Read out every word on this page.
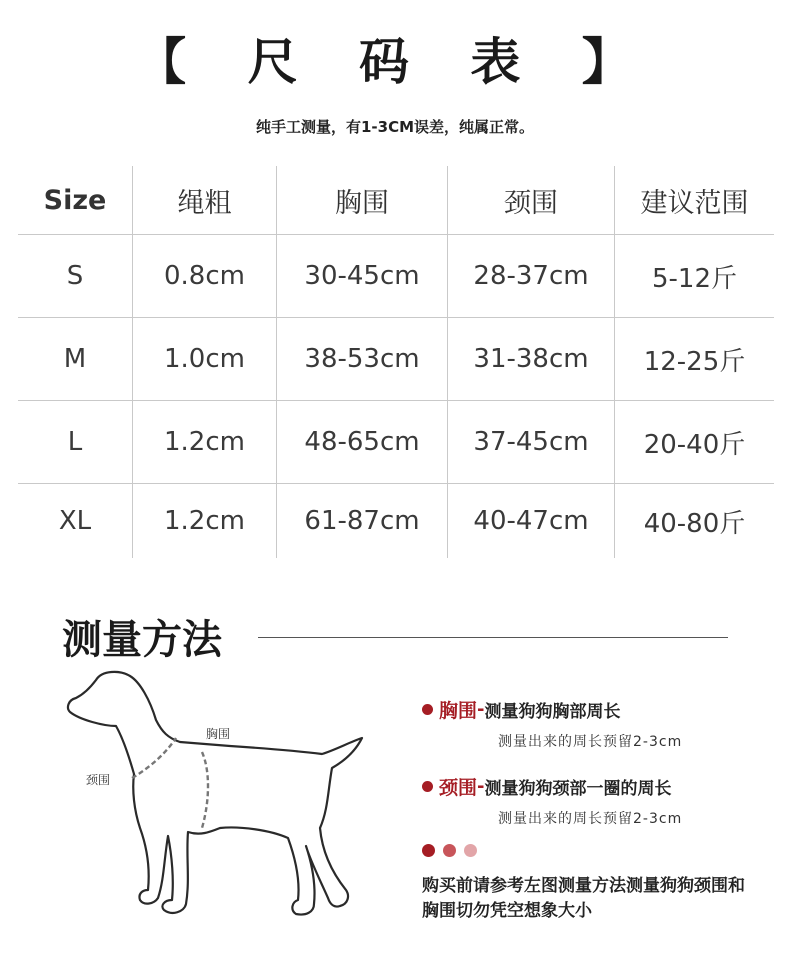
【 尺 码 表 】
纯手工测量，有1-3CM误差，纯属正常。
Size	绳粗	胸围	颈围	建议范围
S	0.8cm	30-45cm	28-37cm	5-12斤
M	1.0cm	38-53cm	31-38cm	12-25斤
L	1.2cm	48-65cm	37-45cm	20-40斤
XL	1.2cm	61-87cm	40-47cm	40-80斤
测量方法
胸围
颈围
胸围 - 测量狗狗胸部周长
测量出来的周长预留2-3cm
颈围 - 测量狗狗颈部一圈的周长
测量出来的周长预留2-3cm
购买前请参考左图测量方法测量狗狗颈围和胸围切勿凭空想象大小
